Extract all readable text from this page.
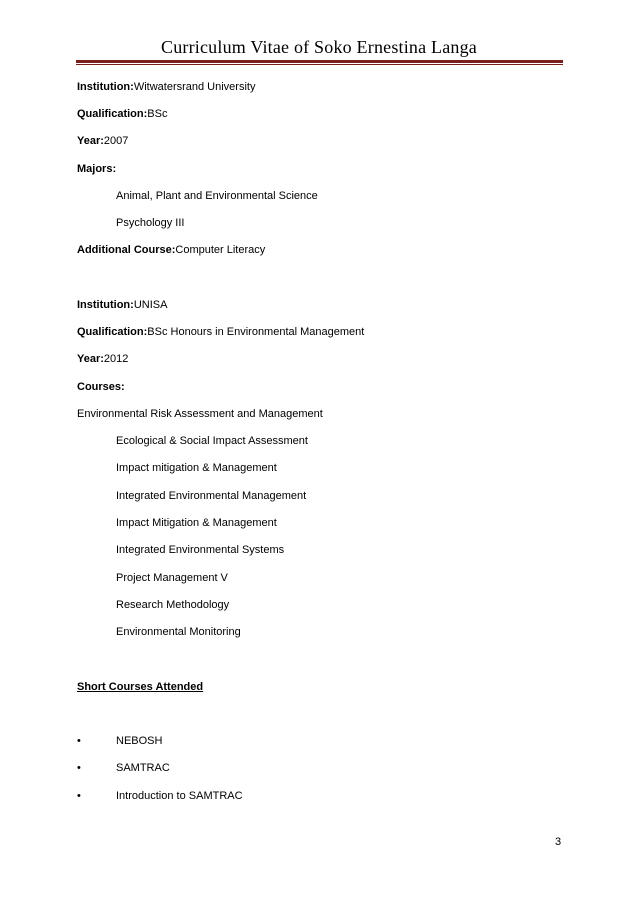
Curriculum Vitae of Soko Ernestina Langa
Institution:Witwatersrand University
Qualification:BSc
Year:2007
Majors:
Animal, Plant and Environmental Science
Psychology III
Additional Course:Computer Literacy
Institution:UNISA
Qualification:BSc Honours in Environmental Management
Year:2012
Courses:
Environmental Risk Assessment and Management
Ecological & Social Impact Assessment
Impact mitigation & Management
Integrated Environmental Management
Impact Mitigation & Management
Integrated Environmental Systems
Project Management V
Research Methodology
Environmental Monitoring
Short Courses Attended
•	NEBOSH
•	SAMTRAC
•	Introduction to SAMTRAC
3
